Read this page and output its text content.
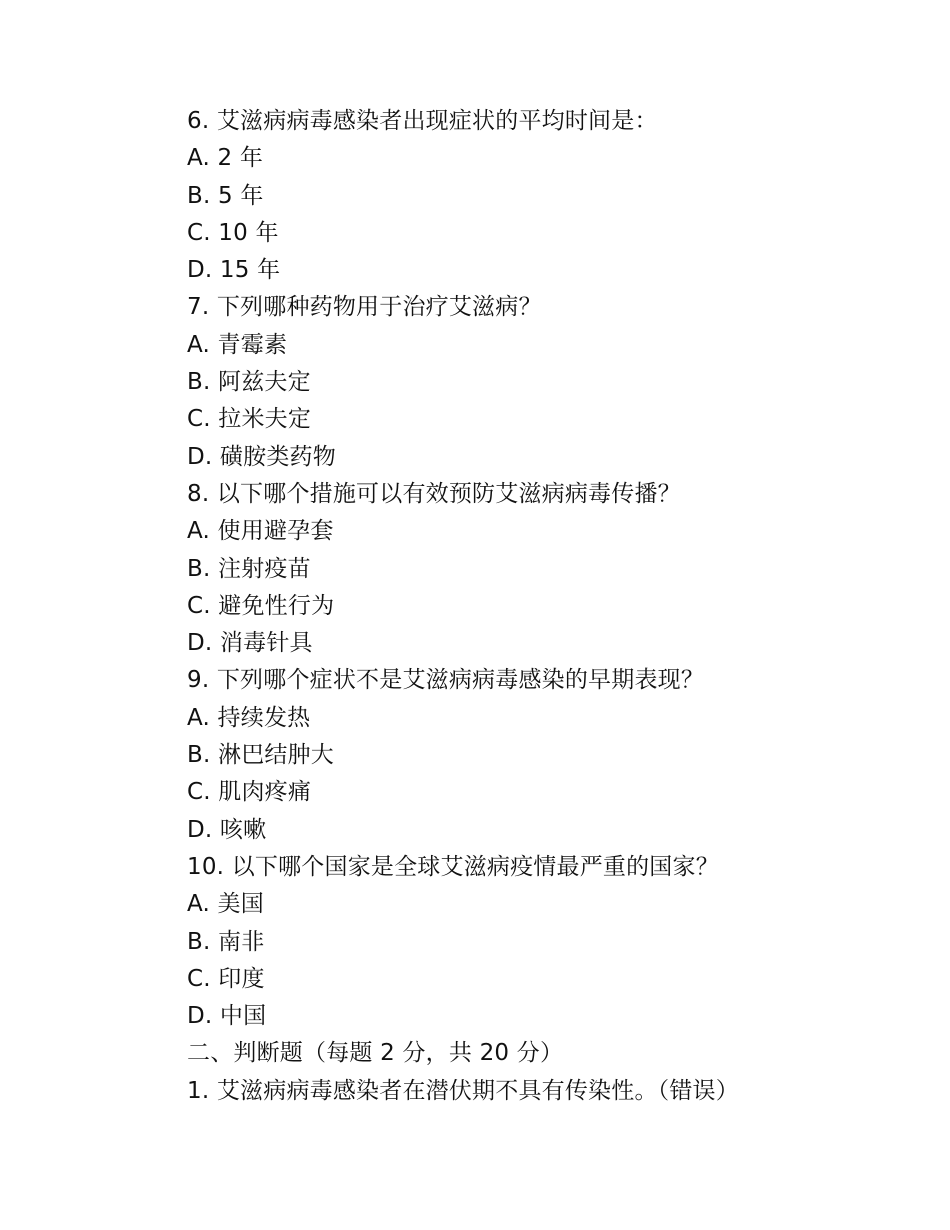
6. 艾滋病病毒感染者出现症状的平均时间是：
A. 2 年
B. 5 年
C. 10 年
D. 15 年
7. 下列哪种药物用于治疗艾滋病？
A. 青霉素
B. 阿兹夫定
C. 拉米夫定
D. 磺胺类药物
8. 以下哪个措施可以有效预防艾滋病病毒传播？
A. 使用避孕套
B. 注射疫苗
C. 避免性行为
D. 消毒针具
9. 下列哪个症状不是艾滋病病毒感染的早期表现？
A. 持续发热
B. 淋巴结肿大
C. 肌肉疼痛
D. 咳嗽
10. 以下哪个国家是全球艾滋病疫情最严重的国家？
A. 美国
B. 南非
C. 印度
D. 中国
二、判断题（每题 2 分，共 20 分）
1. 艾滋病病毒感染者在潜伏期不具有传染性。（错误）
